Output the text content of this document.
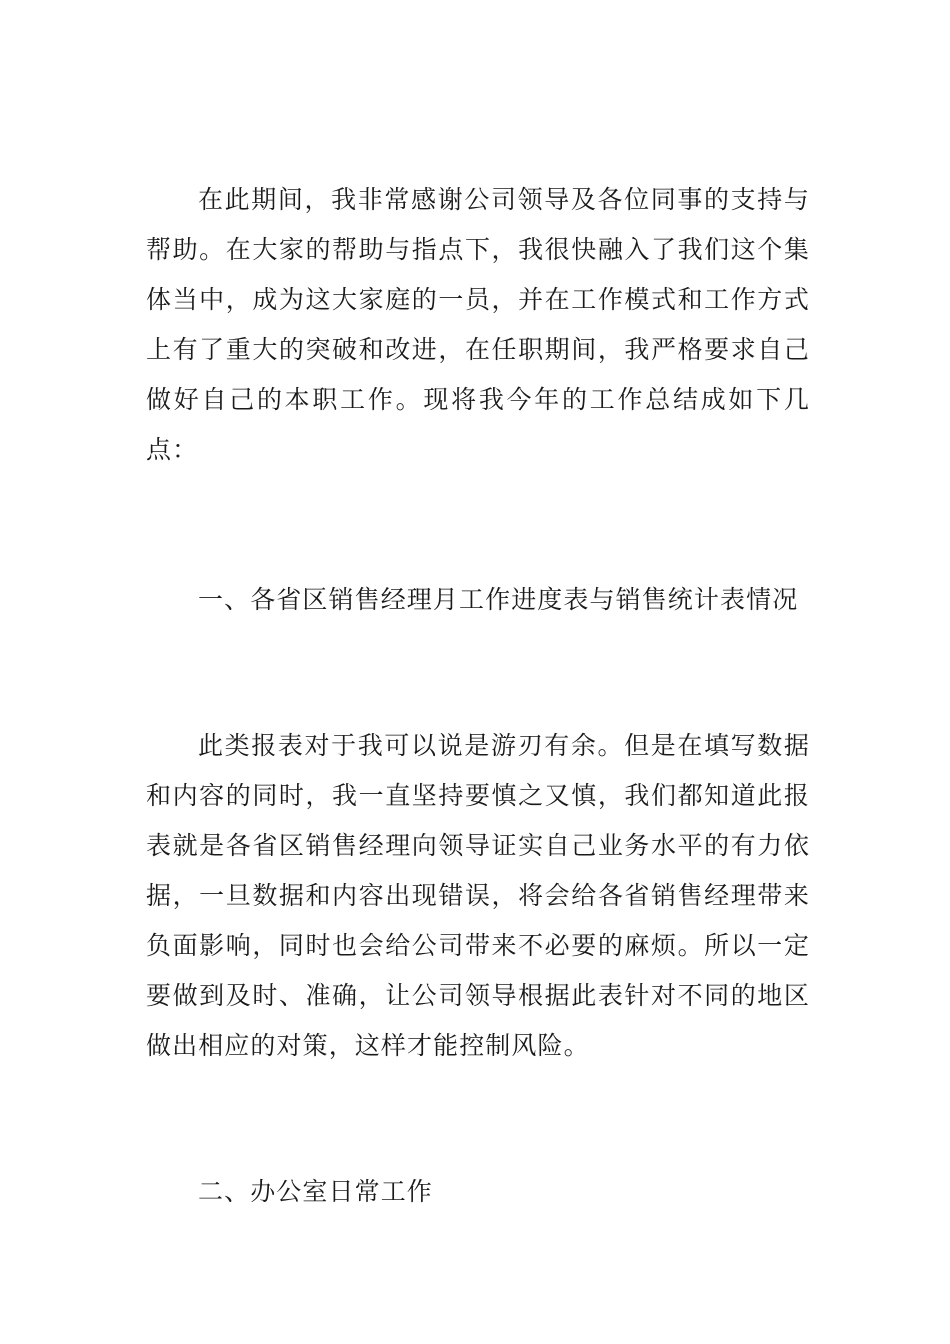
在此期间，我非常感谢公司领导及各位同事的支持与帮助。在大家的帮助与指点下，我很快融入了我们这个集体当中，成为这大家庭的一员，并在工作模式和工作方式上有了重大的突破和改进，在任职期间，我严格要求自己做好自己的本职工作。现将我今年的工作总结成如下几点：

一、各省区销售经理月工作进度表与销售统计表情况

此类报表对于我可以说是游刃有余。但是在填写数据和内容的同时，我一直坚持要慎之又慎，我们都知道此报表就是各省区销售经理向领导证实自己业务水平的有力依据，一旦数据和内容出现错误，将会给各省销售经理带来负面影响，同时也会给公司带来不必要的麻烦。所以一定要做到及时、准确，让公司领导根据此表针对不同的地区做出相应的对策，这样才能控制风险。

二、办公室日常工作
